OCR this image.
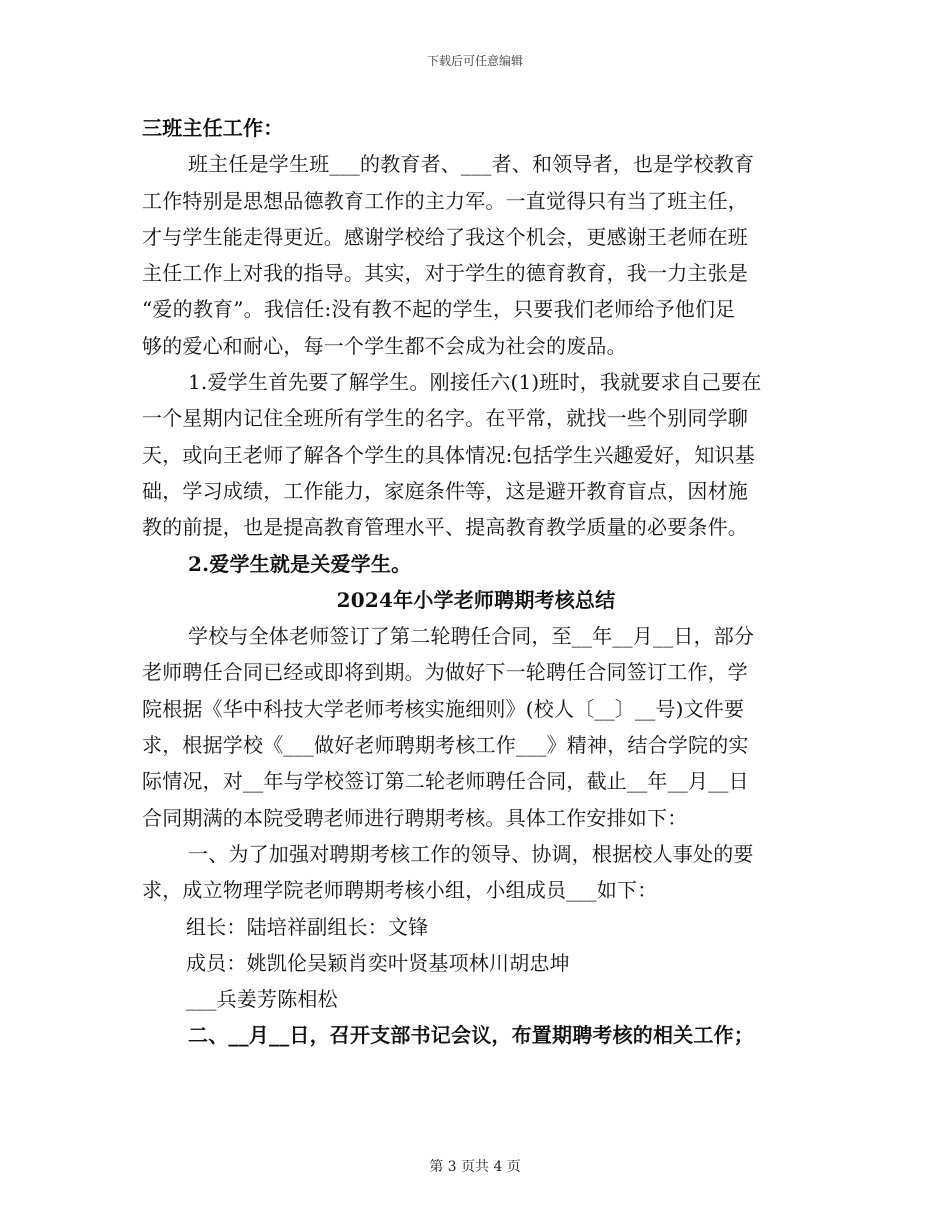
下载后可任意编辑
三班主任工作：
班主任是学生班___的教育者、___者、和领导者，也是学校教育
工作特别是思想品德教育工作的主力军。一直觉得只有当了班主任，
才与学生能走得更近。感谢学校给了我这个机会，更感谢王老师在班
主任工作上对我的指导。其实，对于学生的德育教育，我一力主张是
“爱的教育”。我信任:没有教不起的学生，只要我们老师给予他们足
够的爱心和耐心，每一个学生都不会成为社会的废品。
1.爱学生首先要了解学生。刚接任六(1)班时，我就要求自己要在
一个星期内记住全班所有学生的名字。在平常，就找一些个别同学聊
天，或向王老师了解各个学生的具体情况:包括学生兴趣爱好，知识基
础，学习成绩，工作能力，家庭条件等，这是避开教育盲点，因材施
教的前提，也是提高教育管理水平、提高教育教学质量的必要条件。
2.爱学生就是关爱学生。
2024年小学老师聘期考核总结
学校与全体老师签订了第二轮聘任合同，至__年__月__日，部分
老师聘任合同已经或即将到期。为做好下一轮聘任合同签订工作，学
院根据《华中科技大学老师考核实施细则》(校人〔__〕__号)文件要
求，根据学校《___做好老师聘期考核工作___》精神，结合学院的实
际情况，对__年与学校签订第二轮老师聘任合同，截止__年__月__日
合同期满的本院受聘老师进行聘期考核。具体工作安排如下：
一、为了加强对聘期考核工作的领导、协调，根据校人事处的要
求，成立物理学院老师聘期考核小组，小组成员___如下：
组长：陆培祥副组长：文锋
成员：姚凯伦吴颖肖奕叶贤基项林川胡忠坤
___兵姜芳陈相松
二、__月__日，召开支部书记会议，布置期聘考核的相关工作；
第 3 页共 4 页
